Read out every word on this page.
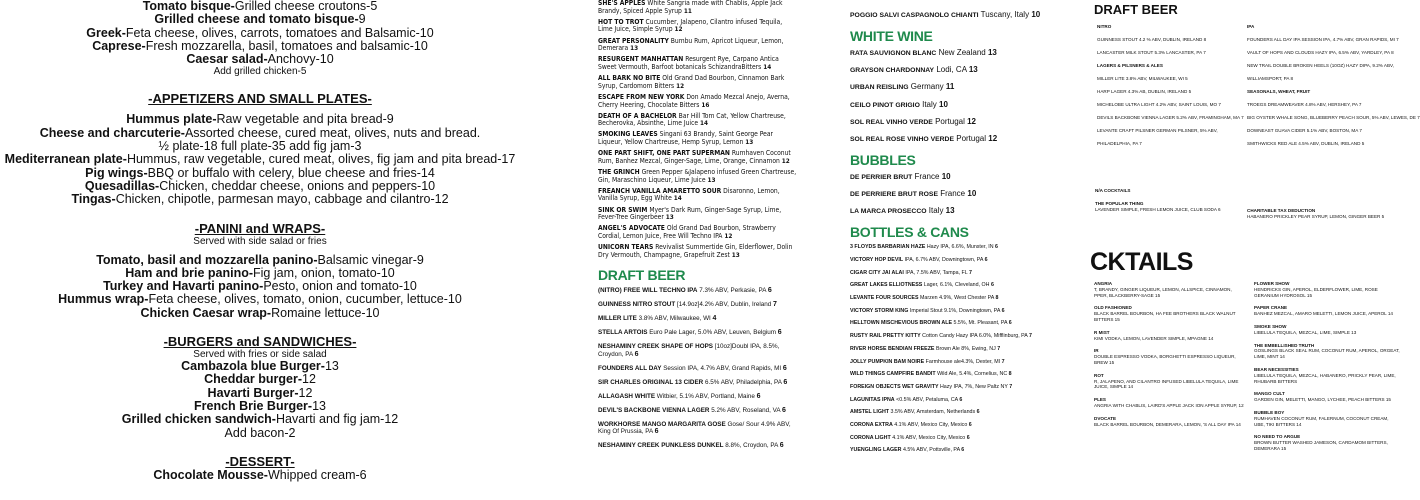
Tomato bisque-Grilled cheese croutons-5
Grilled cheese and tomato bisque-9
Greek-Feta cheese, olives, carrots, tomatoes and Balsamic-10
Caprese-Fresh mozzarella, basil, tomatoes and balsamic-10
Caesar salad-Anchovy-10
Add grilled chicken-5
-APPETIZERS AND SMALL PLATES-
Hummus plate-Raw vegetable and pita bread-9
Cheese and charcuterie-Assorted cheese, cured meat, olives, nuts and bread.
½ plate-18 full plate-35 add fig jam-3
Mediterranean plate-Hummus, raw vegetable, cured meat, olives, fig jam and pita bread-17
Pig wings-BBQ or buffalo with celery, blue cheese and fries-14
Quesadillas-Chicken, cheddar cheese, onions and peppers-10
Tingas-Chicken, chipotle, parmesan mayo, cabbage and cilantro-12
-PANINI and WRAPS-
Served with side salad or fries
Tomato, basil and mozzarella panino-Balsamic vinegar-9
Ham and brie panino-Fig jam, onion, tomato-10
Turkey and Havarti panino-Pesto, onion and tomato-10
Hummus wrap-Feta cheese, olives, tomato, onion, cucumber, lettuce-10
Chicken Caesar wrap-Romaine lettuce-10
-BURGERS and SANDWICHES-
Served with fries or side salad
Cambazola blue Burger-13
Cheddar burger-12
Havarti Burger-12
French Brie Burger-13
Grilled chicken sandwich-Havarti and fig jam-12
Add bacon-2
-DESSERT-
Chocolate Mousse-Whipped cream-6
SHE'S APPLES White Sangria made with Chablis, Apple Jack Brandy, Spiced Apple Syrup 11
HOT TO TROT Cucumber, Jalapeno, Cilantro infused Tequila, Lime Juice, Simple Syrup 12
GREAT PERSONALITY Bumbu Rum, Apricot Liqueur, Lemon, Demerara 13
RESURGENT MANHATTAN Resurgent Rye, Carpano Antica Sweet Vermouth, Barfoot botanicals SchizandraBitters 14
ALL BARK NO BITE Old Grand Dad Bourbon, Cinnamon Bark Syrup, Cardomom Bitters 12
ESCAPE FROM NEW YORK Don Amado Mezcal Anejo, Averna, Cherry Heering, Chocolate Bitters 16
DEATH OF A BACHELOR Bar Hill Tom Cat, Yellow Chartreuse, Becherovka, Absinthe, Lime Juice 14
SMOKING LEAVES Singani 63 Brandy, Saint George Pear Liqueur, Yellow Chartreuse, Hemp Syrup, Lemon 13
ONE PART SHIFT, ONE PART SUPERMAN Rumhaven Coconut Rum, Banhez Mezcal, Ginger-Sage, Lime, Orange, Cinnamon 12
THE GRINCH Green Pepper &Jalapeno infused Green Chartreuse, Gin, Maraschino Liqueur, Lime Juice 13
FREANCH VANILLA AMARETTO SOUR Disaronno, Lemon, Vanilla Syrup, Egg White 14
SINK OR SWIM Myer's Dark Rum, Ginger-Sage Syrup, Lime, Fever-Tree Gingerbeer 13
ANGEL'S ADVOCATE Old Grand Dad Bourbon, Strawberry Cordial, Lemon Juice, Free Will Techno IPA 12
UNICORN TEARS Revivalist Summertide Gin, Elderflower, Dolin Dry Vermouth, Champagne, Grapefruit Zest 13
DRAFT BEER
(NITRO) FREE WILL TECHNO IPA 7.3% ABV, Perkasie, PA 6
GUINNESS NITRO STOUT [14.9oz]4.2% ABV, Dublin, Ireland 7
MILLER LITE 3.8% ABV, Milwaukee, WI 4
STELLA ARTOIS Euro Pale Lager, 5.0% ABV, Leuven, Belgium 6
NESHAMINY CREEK SHAPE OF HOPS [10oz]Doubl IPA, 8.5%, Croydon, PA 6
FOUNDERS ALL DAY Session IPA, 4.7% ABV, Grand Rapids, MI 6
SIR CHARLES ORIGINAL 13 CIDER 6.5% ABV, Philadelphia, PA 6
ALLAGASH WHITE Witbier, 5.1% ABV, Portland, Maine 6
DEVIL'S BACKBONE VIENNA LAGER 5.2% ABV, Roseland, VA 6
WORKHORSE MANGO MARGARITA GOSE Gose/ Sour 4.9% ABV, King Of Prussia, PA 6
NESHAMINY CREEK PUNKLESS DUNKEL 8.8%, Croydon, PA 6
POGGIO SALVI CASPAGNOLO CHIANTI Tuscany, Italy 10
WHITE WINE
RATA SAUVIGNON BLANC New Zealand 13
GRAYSON CHARDONNAY Lodi, CA 13
URBAN REISLING Germany 11
CEILO PINOT GRIGIO Italy 10
SOL REAL VINHO VERDE Portugal 12
SOL REAL ROSE VINHO VERDE Portugal 12
BUBBLES
DE PERRIER BRUT France 10
DE PERRIERE BRUT ROSE France 10
LA MARCA PROSECCO Italy 13
BOTTLES & CANS
3 FLOYDS BARBARIAN HAZE Hazy IPA, 6.6%, Munster, IN 6
VICTORY HOP DEVIL IPA, 6.7% ABV, Downingtown, PA 6
CIGAR CITY JAI ALAI IPA, 7.5% ABV, Tampa, FL 7
GREAT LAKES ELLIOTNESS Lager, 6.1%, Cleveland, OH 6
LEVANTE FOUR SOURCES Marzen 4.9%, West Chester PA 8
VICTORY STORM KING Imperial Stout 9.1%, Downingtown, PA 6
HELLTOWN MISCHEVIOUS BROWN ALE 5.5%, Mt. Pleasant, PA 6
RUSTY RAIL PRETTY KITTY Cotton Candy Hazy IPA 6.0%, Mifflinburg, PA 7
RIVER HORSE BENDIAN FREEZE Brown Ale 8%, Ewing, NJ 7
JOLLY PUMPKIN BAM NOIRE Farmhouse ale4.3%, Dexter, MI 7
WILD THINGS CAMPFIRE BANDIT Wild Ale, 5.4%, Cornelius, NC 8
FOREIGN OBJECTS WET GRAVITY Hazy IPA, 7%, New Paltz NY 7
LAGUNITAS IPNA <0.5% ABV, Petaluma, CA 6
AMSTEL LIGHT 3.5% ABV, Amsterdam, Netherlands 6
CORONA EXTRA 4.1% ABV, Mexico City, Mexico 6
CORONA LIGHT 4.1% ABV, Mexico City, Mexico 6
YUENGLING LAGER 4.5% ABV, Pottsville, PA 6
DRAFT BEER
NITRO
GUINNESS STOUT 4.2 % ABV, DUBLIN, IRELAND 8
LANCASTER MILK STOUT 5.3% LANCASTER, PA 7
LAGERS & PILSNERS & ALES
MILLER LITE 3.8% ABV, MILWAUKEE, WI 5
HARP LAGER 4.3% AB, DUBLIN, IRELAND 5
MICHELOBE ULTRA LIGHT 4.2% ABV, SAINT LOUIS, MO 7
DEVILS BACKBONE VIENNA LAGER 5.2% ABV, FRAMINGHAM, MA 7
LEVANTE CRAFT PILSNER GERMAN PILSNER, 5% ABV,
PHILADELPHIA, PA 7
IPA
FOUNDERS ALL DAY IPA SESSION IPA, 4.7% ABV, GRAN RAPIDS, MI 7
VAULT OF HOPS AND CLOUDS HAZY IPA, 6.5% ABV, YARDLEY, PA 8
NEW TRAIL DOUBLE BROKEN HEELS (10OZ) HAZY DIPA, 9.2% ABV,
WILLIAMSPORT, PA 8
SEASONALS, WHEAT, FRUIT
TROEGS DREAMWEAVER 4.8% ABV, HERSHEY, PA 7
BIG OYSTER WHALE SONG, BLUEBERRY PEACH SOUR, 5% ABV, LEWES, DE 7
DOWNEAST GUAVA CIDER 5.1% ABV, BOSTON, MA 7
SMITHWICKS RED ALE 4.5% ABV, DUBLIN, IRELAND 5
N/A COCKTAILS
THE POPULAR THING
LAVENDER SIMPLE, FRESH LEMON JUICE, CLUB SODA 6	CHARITABLE TAX DEDUCTION
HABANERO PRICKLEY PEAR SYRUP, LEMON, GINGER BEER 5
CKTAILS
ANGRIA
T, BRANDY, GINGER LIQUEUR, LEMON, ALLSPICE, CINNAMON, PPER, BLACKBERRY-SAGE 15
OLD FASHIONED
BLACK BARREL BOURBON, HA FEE BROTHERS BLACK WALNUT BITTERS 15
R MIST
KIMI VODKA, LEMON, LAVENDER SIMPLE, MPAGNE 14
IR
DOUBLE ESPRESSO VODKA, BORGHETTI ESPRESSO LIQUEUR, BREW 15
ROT
R, JALAPENO, AND CILANTRO INFUSED LIBELULA TEQUILA, LIME JUICE, SIMPLE 14
PLES
ANGRIA WITH CHABLIS, LAIRD'S APPLE JACK ION APPLE SYRUP, 12
DVOCATE
BLACK BARREL BOURBON, DEMERARA, LEMON, 'S ALL DAY IPA 14
FLOWER SHOW
HENDRICKS GIN, APEROL, ELDERFLOWER, LIME, ROSE GERANIUM HYDROSOL 15
PAPER CRANE
BANHEZ MEZCAL, AMARO MELETTI, LEMON JUICE, APEROL 14
SMOKE SHOW
LIBELULA TEQUILA, MEZCAL, LIME, SIMPLE 13
THE EMBELLISHED TRUTH
GOSLINGS BLACK SEAL RUM, COCONUT RUM, APEROL, ORGEAT, LIME, MINT 14
BEAR NECESSITIES
LIBELULA TEQUILA, MEZCAL, HABANERO, PRICKLY PEAR, LIME, RHUBARB BITTERS
MANGO CULT
GARDEN GIN, MELETTI, MANGO, LYCHEE, PEACH BITTERS 15
BUBBLE BOY
RUMHAVEN COCONUT RUM, FALERNUM, COCONUT CREAM, UBE, TIKI BITTERS 14
NO NEED TO ARGUE
BROWN BUTTER WASHED JAMESON, CARDAMOM BITTERS, DEMERARA 15
